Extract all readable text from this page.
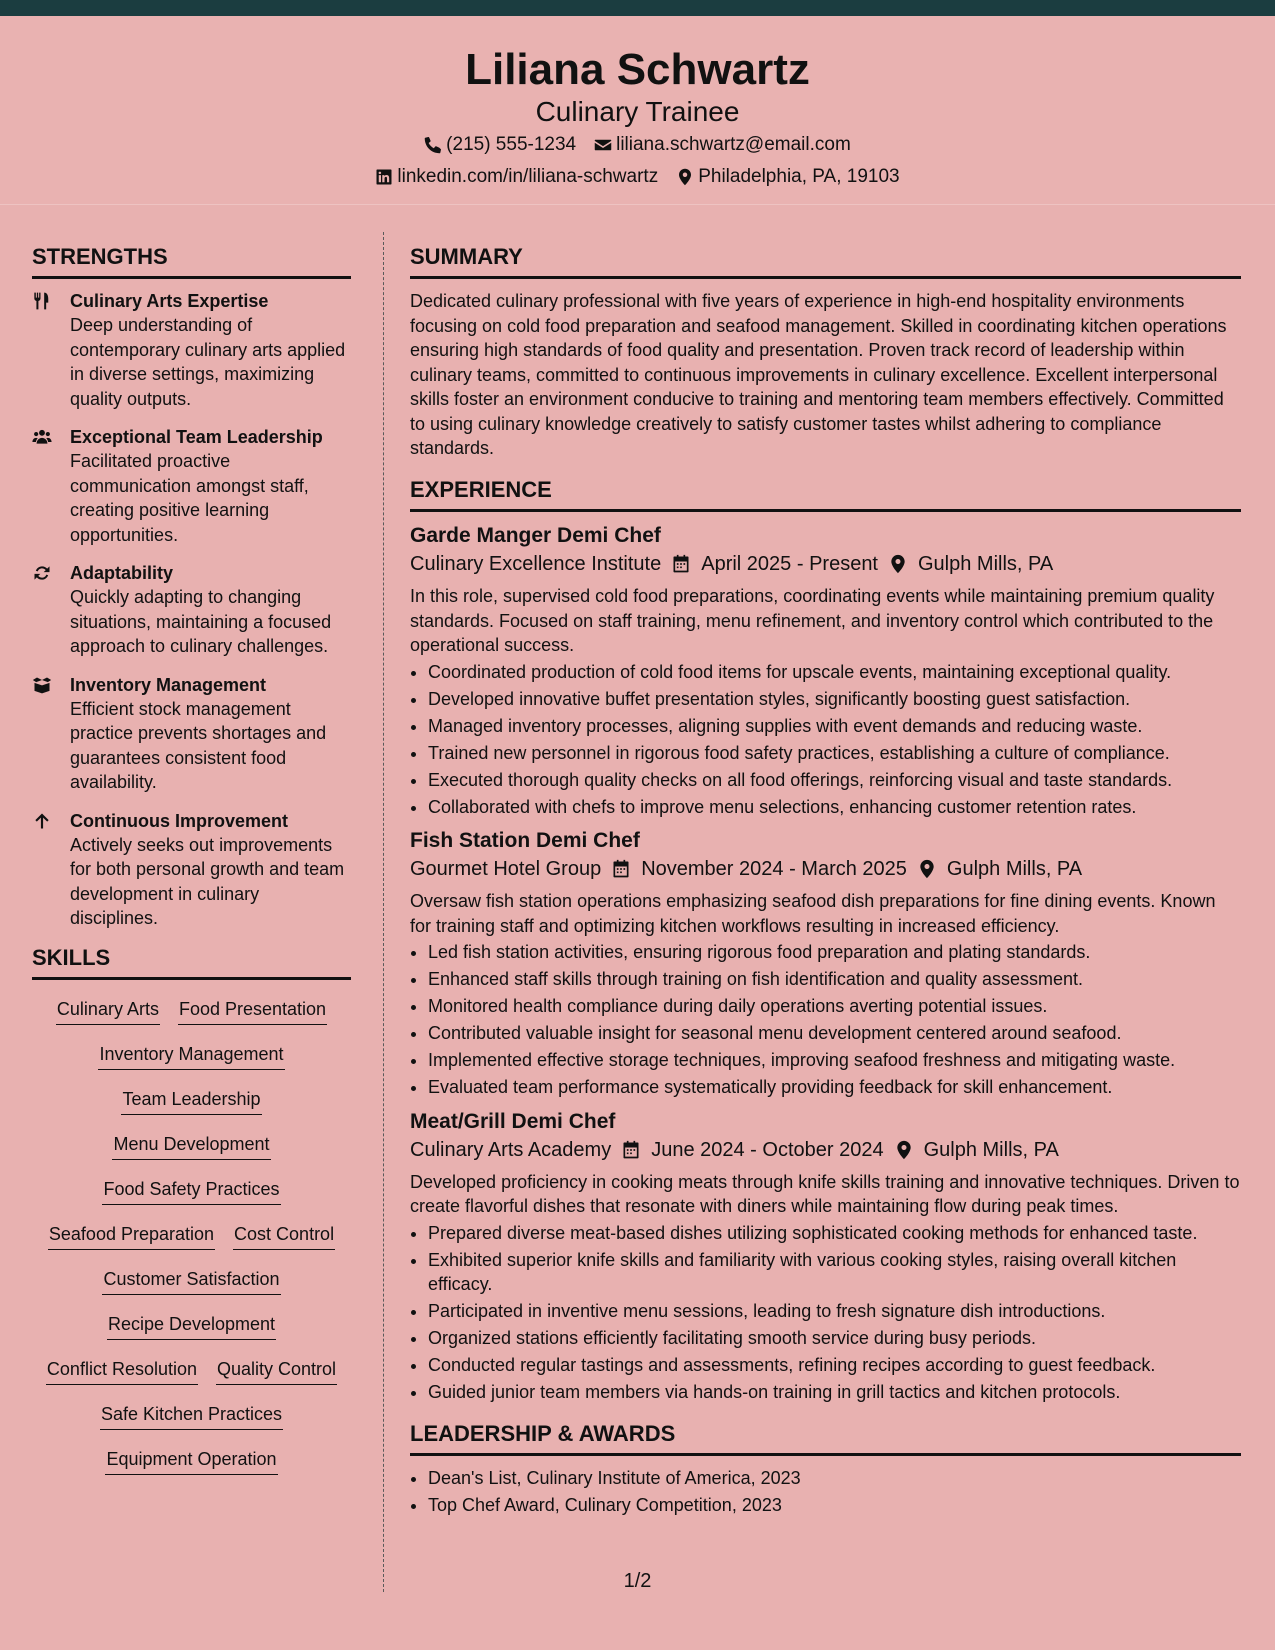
Liliana Schwartz
Culinary Trainee
(215) 555-1234 liliana.schwartz@email.com
linkedin.com/in/liliana-schwartz Philadelphia, PA, 19103
STRENGTHS
Culinary Arts Expertise
Deep understanding of contemporary culinary arts applied in diverse settings, maximizing quality outputs.
Exceptional Team Leadership
Facilitated proactive communication amongst staff, creating positive learning opportunities.
Adaptability
Quickly adapting to changing situations, maintaining a focused approach to culinary challenges.
Inventory Management
Efficient stock management practice prevents shortages and guarantees consistent food availability.
Continuous Improvement
Actively seeks out improvements for both personal growth and team development in culinary disciplines.
SKILLS
Culinary Arts Food Presentation
Inventory Management
Team Leadership
Menu Development
Food Safety Practices
Seafood Preparation Cost Control
Customer Satisfaction
Recipe Development
Conflict Resolution Quality Control
Safe Kitchen Practices
Equipment Operation
SUMMARY
Dedicated culinary professional with five years of experience in high-end hospitality environments focusing on cold food preparation and seafood management. Skilled in coordinating kitchen operations ensuring high standards of food quality and presentation. Proven track record of leadership within culinary teams, committed to continuous improvements in culinary excellence. Excellent interpersonal skills foster an environment conducive to training and mentoring team members effectively. Committed to using culinary knowledge creatively to satisfy customer tastes whilst adhering to compliance standards.
EXPERIENCE
Garde Manger Demi Chef
Culinary Excellence Institute April 2025 - Present Gulph Mills, PA
In this role, supervised cold food preparations, coordinating events while maintaining premium quality standards. Focused on staff training, menu refinement, and inventory control which contributed to the operational success.
• Coordinated production of cold food items for upscale events, maintaining exceptional quality.
• Developed innovative buffet presentation styles, significantly boosting guest satisfaction.
• Managed inventory processes, aligning supplies with event demands and reducing waste.
• Trained new personnel in rigorous food safety practices, establishing a culture of compliance.
• Executed thorough quality checks on all food offerings, reinforcing visual and taste standards.
• Collaborated with chefs to improve menu selections, enhancing customer retention rates.
Fish Station Demi Chef
Gourmet Hotel Group November 2024 - March 2025 Gulph Mills, PA
Oversaw fish station operations emphasizing seafood dish preparations for fine dining events. Known for training staff and optimizing kitchen workflows resulting in increased efficiency.
• Led fish station activities, ensuring rigorous food preparation and plating standards.
• Enhanced staff skills through training on fish identification and quality assessment.
• Monitored health compliance during daily operations averting potential issues.
• Contributed valuable insight for seasonal menu development centered around seafood.
• Implemented effective storage techniques, improving seafood freshness and mitigating waste.
• Evaluated team performance systematically providing feedback for skill enhancement.
Meat/Grill Demi Chef
Culinary Arts Academy June 2024 - October 2024 Gulph Mills, PA
Developed proficiency in cooking meats through knife skills training and innovative techniques. Driven to create flavorful dishes that resonate with diners while maintaining flow during peak times.
• Prepared diverse meat-based dishes utilizing sophisticated cooking methods for enhanced taste.
• Exhibited superior knife skills and familiarity with various cooking styles, raising overall kitchen efficacy.
• Participated in inventive menu sessions, leading to fresh signature dish introductions.
• Organized stations efficiently facilitating smooth service during busy periods.
• Conducted regular tastings and assessments, refining recipes according to guest feedback.
• Guided junior team members via hands-on training in grill tactics and kitchen protocols.
LEADERSHIP & AWARDS
• Dean's List, Culinary Institute of America, 2023
• Top Chef Award, Culinary Competition, 2023
1/2
